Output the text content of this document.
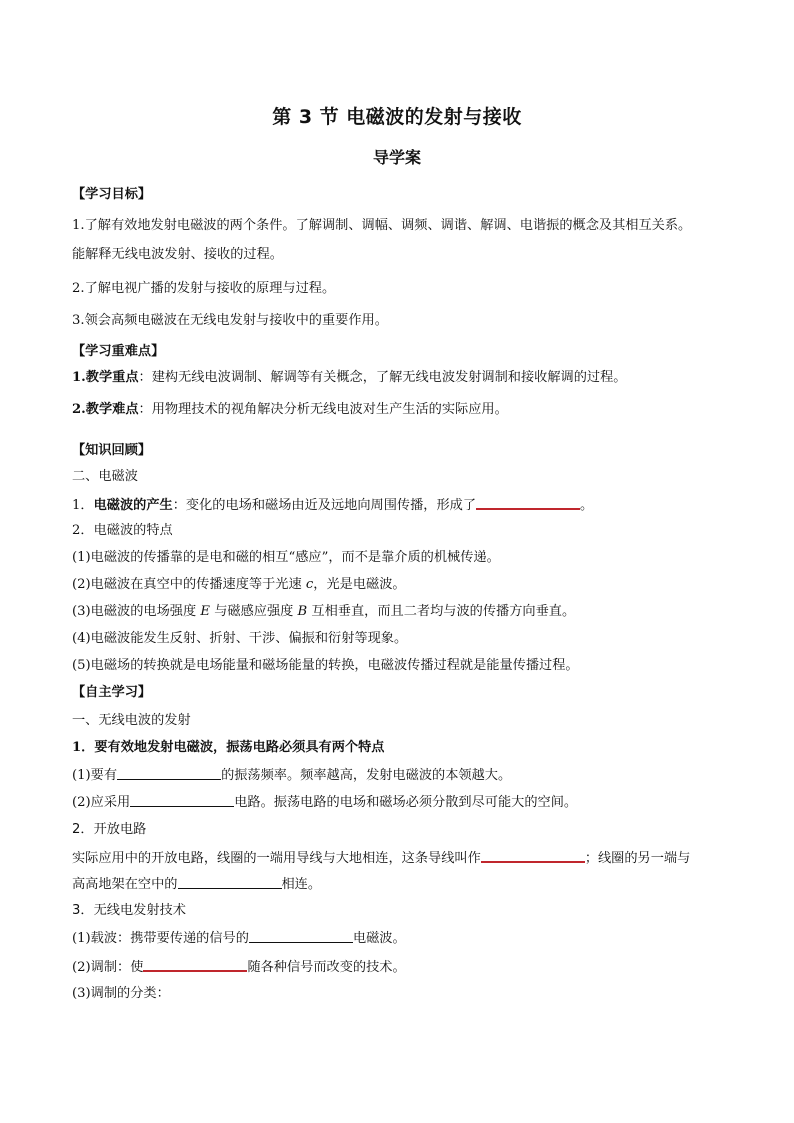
第 3 节 电磁波的发射与接收
导学案
【学习目标】
1.了解有效地发射电磁波的两个条件。了解调制、调幅、调频、调谐、解调、电谐振的概念及其相互关系。
能解释无线电波发射、接收的过程。
2.了解电视广播的发射与接收的原理与过程。
3.领会高频电磁波在无线电发射与接收中的重要作用。
【学习重难点】
1.教学重点：建构无线电波调制、解调等有关概念，了解无线电波发射调制和接收解调的过程。
2.教学难点：用物理技术的视角解决分析无线电波对生产生活的实际应用。
【知识回顾】
二、电磁波
1．电磁波的产生：变化的电场和磁场由近及远地向周围传播，形成了	。
2．电磁波的特点
(1)电磁波的传播靠的是电和磁的相互“感应”，而不是靠介质的机械传递。
(2)电磁波在真空中的传播速度等于光速 c，光是电磁波。
(3)电磁波的电场强度 E 与磁感应强度 B 互相垂直，而且二者均与波的传播方向垂直。
(4)电磁波能发生反射、折射、干涉、偏振和衍射等现象。
(5)电磁场的转换就是电场能量和磁场能量的转换，电磁波传播过程就是能量传播过程。
【自主学习】
一、无线电波的发射
1．要有效地发射电磁波，振荡电路必须具有两个特点
(1)要有	的振荡频率。频率越高，发射电磁波的本领越大。
(2)应采用	电路。振荡电路的电场和磁场必须分散到尽可能大的空间。
2．开放电路
实际应用中的开放电路，线圈的一端用导线与大地相连，这条导线叫作	；线圈的另一端与
高高地架在空中的	相连。
3．无线电发射技术
(1)载波：携带要传递的信号的	电磁波。
(2)调制：使	随各种信号而改变的技术。
(3)调制的分类：
